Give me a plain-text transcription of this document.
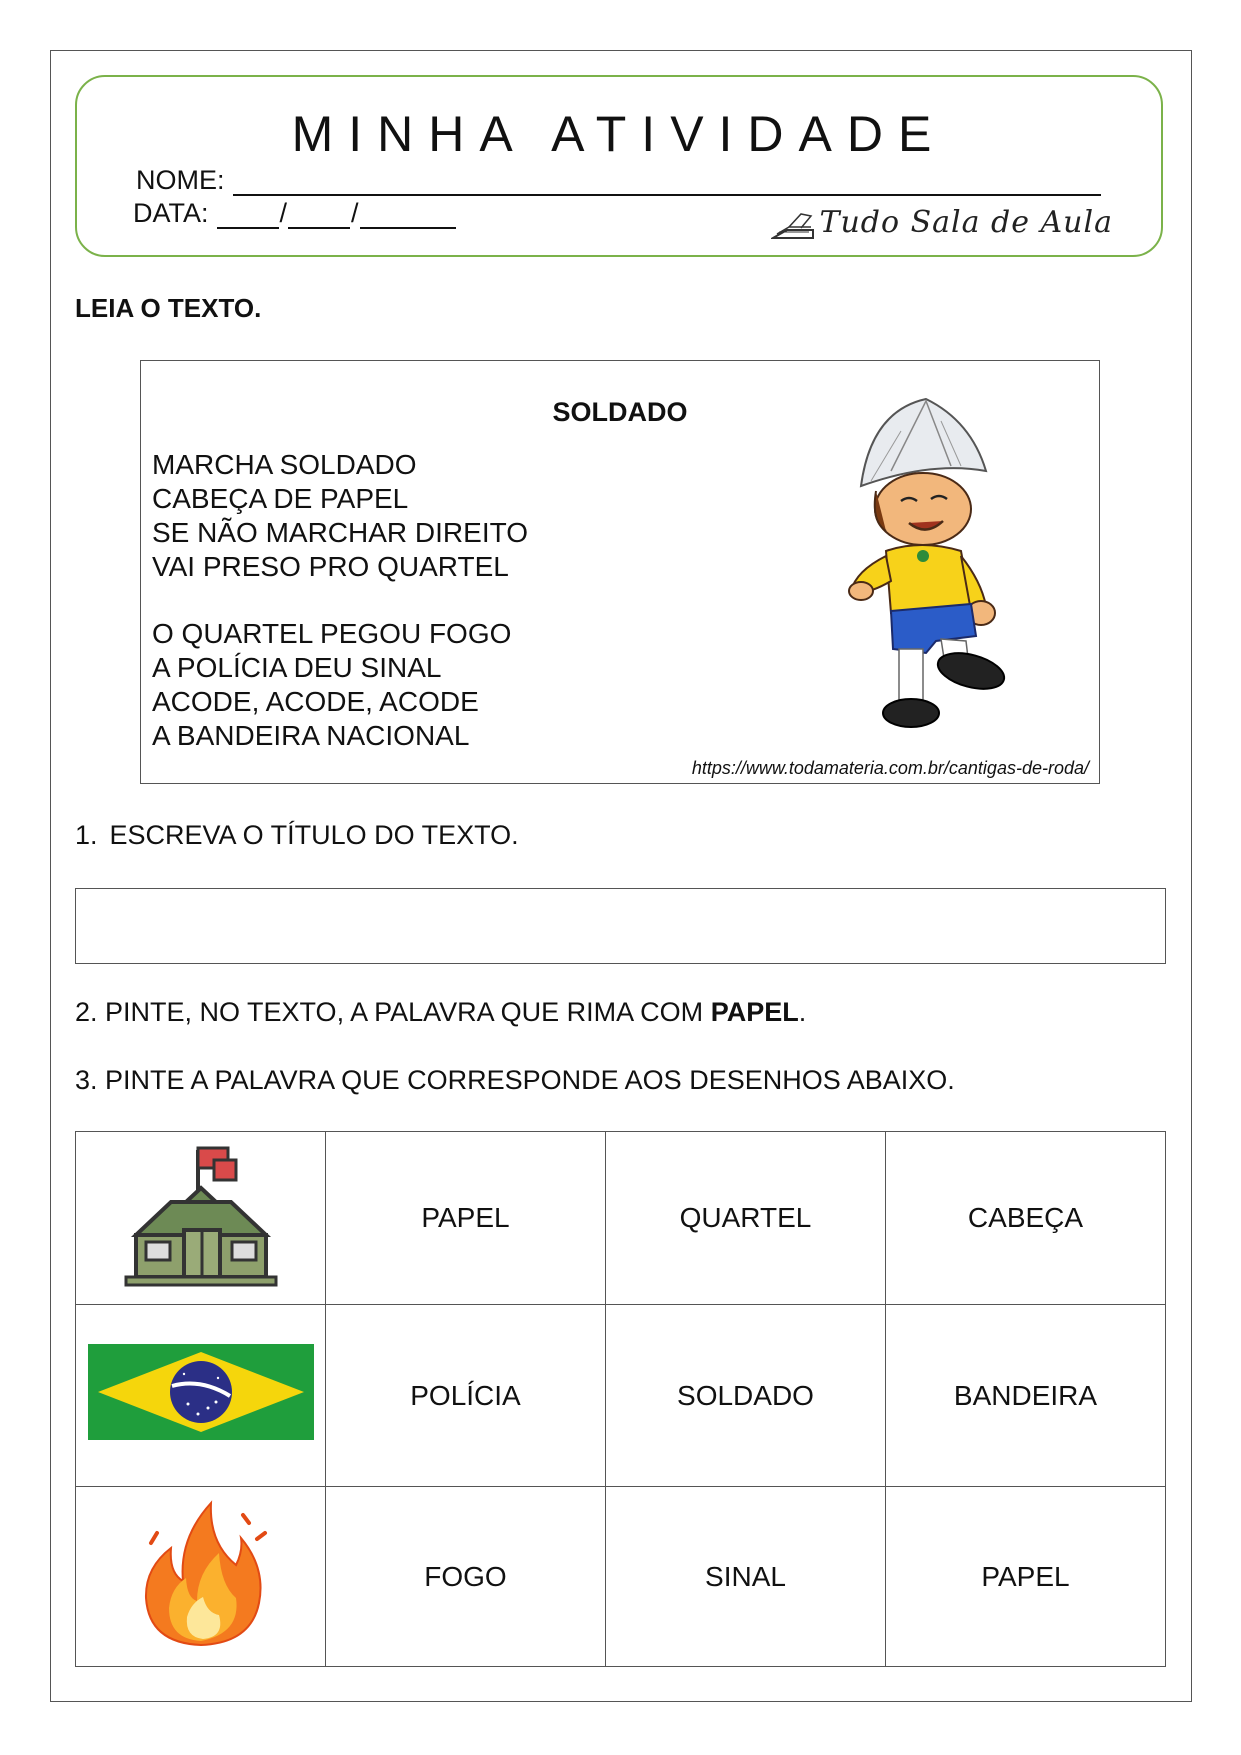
MINHA ATIVIDADE
NOME:
DATA:	/ /	Tudo Sala de Aula
LEIA O TEXTO.
SOLDADO
MARCHA SOLDADO
CABEÇA DE PAPEL
SE NÃO MARCHAR DIREITO
VAI PRESO PRO QUARTEL
O QUARTEL PEGOU FOGO
A POLÍCIA DEU SINAL
ACODE, ACODE, ACODE
A BANDEIRA NACIONAL
https://www.todamateria.com.br/cantigas-de-roda/
1. ESCREVA O TÍTULO DO TEXTO.
2. PINTE, NO TEXTO, A PALAVRA QUE RIMA COM PAPEL.
3. PINTE A PALAVRA QUE CORRESPONDE AOS DESENHOS ABAIXO.
	PAPEL	QUARTEL	CABEÇA
	POLÍCIA	SOLDADO	BANDEIRA
	FOGO	SINAL	PAPEL
